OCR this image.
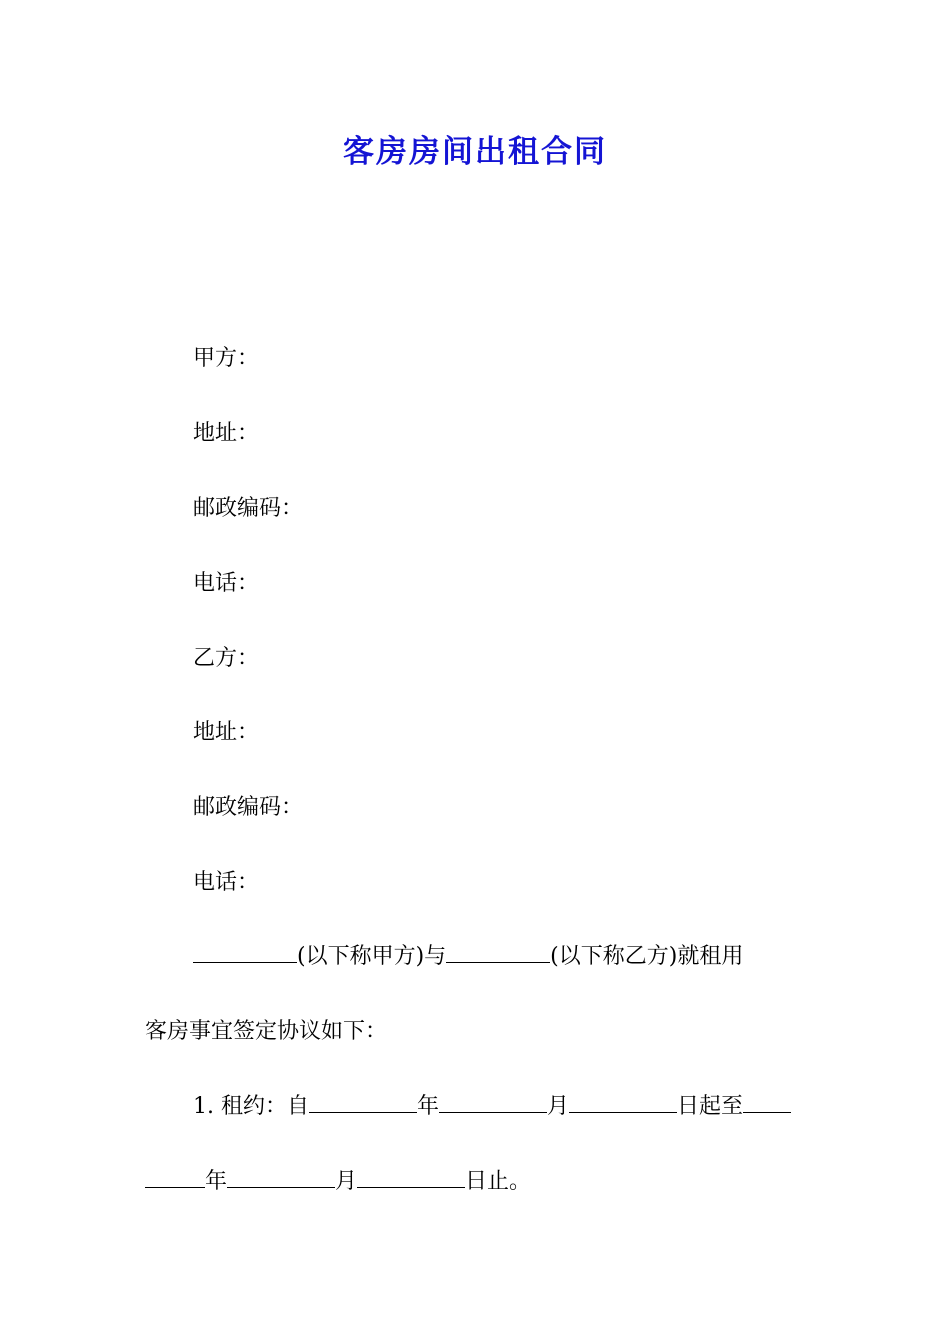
客房房间出租合同
甲方：
地址：
邮政编码：
电话：
乙方：
地址：
邮政编码：
电话：
(以下称甲方)与	(以下称乙方)就租用
客房事宜签定协议如下：
1. 租约：自	年	月	日起至
年	月	日止。
